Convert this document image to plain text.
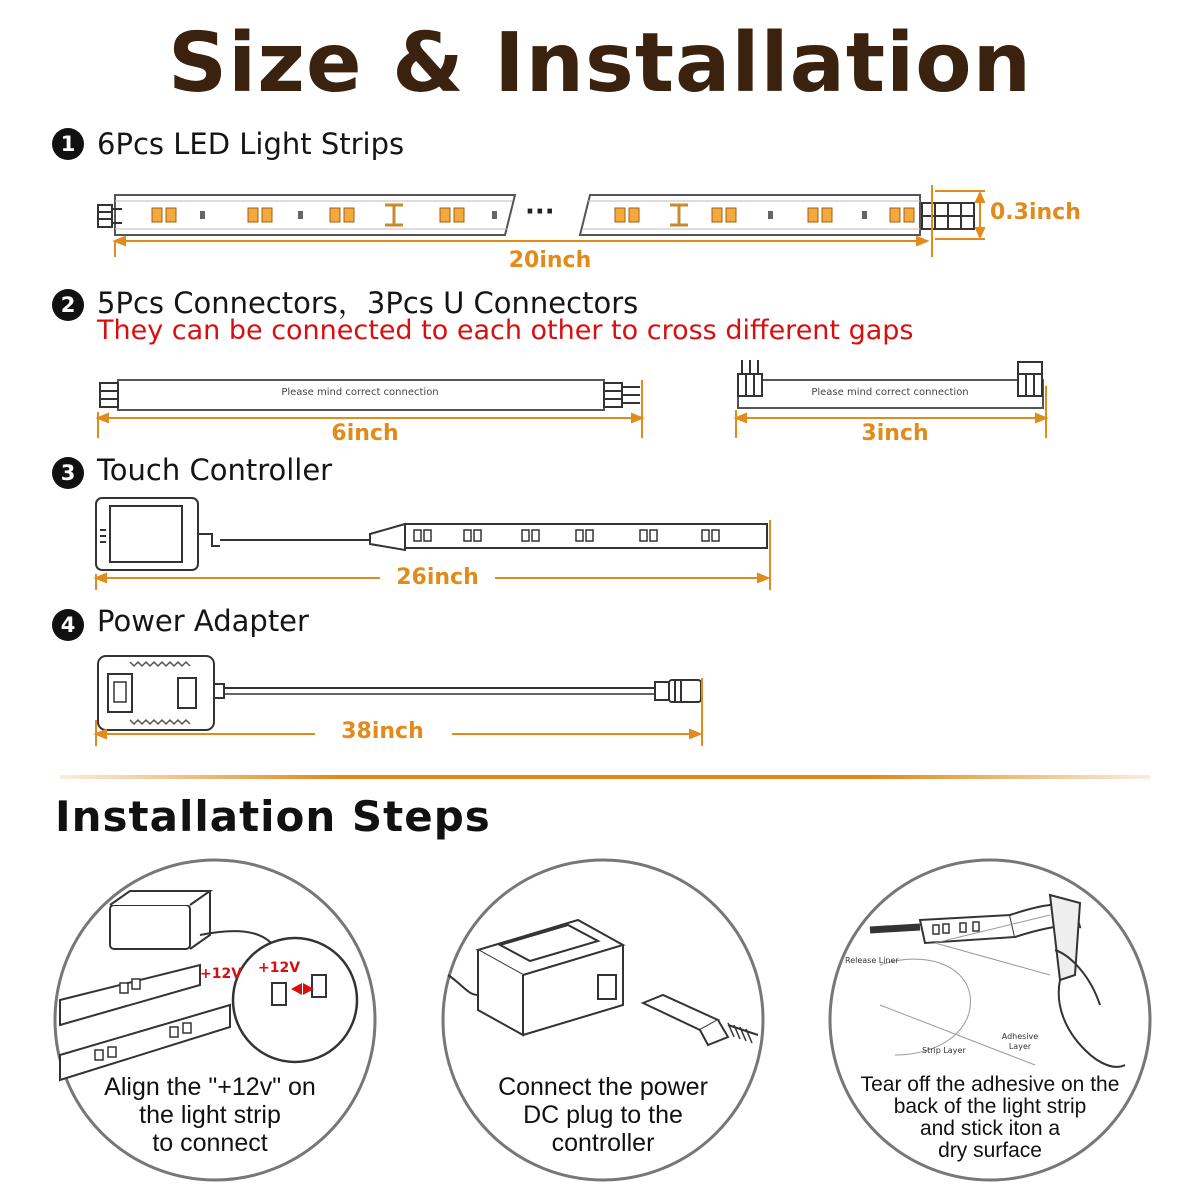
Size & Installation
1 6Pcs LED Light Strips
···	0.3inch
20inch
2 5Pcs Connectors，3Pcs U Connectors
They can be connected to each other to cross different gaps
Please mind correct connection	Please mind correct connection
6inch	3inch
3 Touch Controller
26inch
4 Power Adapter
38inch
Installation Steps
+12V +12V
Align the "+12v" on
the light strip
to connect
Connect the power
DC plug to the
controller
Release Liner
Adhesive Layer
Strip Layer
Tear off the adhesive on the
back of the light strip
and stick iton a
dry surface
